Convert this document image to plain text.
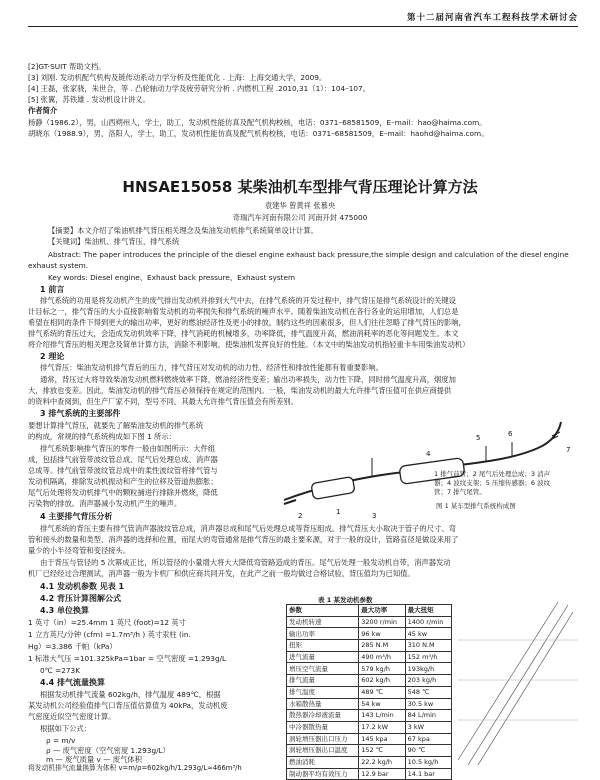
第十二届河南省汽车工程科技学术研讨会
[2]GT-SUIT 帮助文档。
[3] 刘刚. 发动机配气机构及链传动系动力学分析及性能优化 . 上海：上海交通大学，2009。
[4] 王磊，张家骁，朱世合，等 . 凸轮轴动力学及疲劳研究分析 . 内燃机工程 .2010,31（1）：104–107。
[5] 张翼，苏铁雄 . 发动机设计讲义。
作者简介
杨静（1986.2），男，山西朔州人，学士，助工，发动机性能仿真及配气机构校核，电话：0371–68581509，E–mail：hao@haima.com。
胡晓东（1988.9），男，洛阳人，学士，助工，发动机性能仿真及配气机构校核，电话：0371–68581509，E–mail：haohd@haima.com。
HNSAE15058 某柴油机车型排气背压理论计算方法
袁建华 曾黄祥 张慕央
奇瑞汽车河南有限公司 河南开封 475000
【摘要】本文介绍了柴油机排气背压相关理念及柴油发动机排气系统简单设计计算。
【关键词】柴油机、排气背压、排气系统
Abstract: The paper introduces the principle of the diesel engine exhaust back pressure,the simple design and calculation of the diesel engine
exhaust system.
Key words: Diesel engine、Exhaust back pressure、Exhaust system
1 前言
排气系统的功用是将发动机产生的废气排出发动机并排到大气中去，在排气系统的开发过程中，排气背压是排气系统设计的关键设
计目标之一，排气背压的大小直接影响着发动机的功率损失和排气系统的噪声水平。随着柴油发动机在各行各业的运用增加，人们总是
希望在相同的条件下得到更大的输出功率，更好的燃油经济性及更小的排放，制约这些的因素很多，但人们往往忽略了排气背压的影响，
排气系统的背压过大，会造成发动机效率下降，排气消耗的机械增多，功率降低，排气温度升高，燃油消耗率的恶化等问题发生。本文
将介绍排气背压的相关理念及简单计算方法，消除不利影响，使柴油机发挥良好的性能。（本文中的柴油发动机指轻重卡车用柴油发动机）
2 理论
排气背压：柴油发动机排气背后的压力，排气背压对发动机的动力性、经济性和排放性能都有着重要影响。
通常，背压过大将导致柴油发动机燃料燃烧效率下降，燃油经济性变差；输出功率损失，动力性下降，同时排气温度升高，烟度加
大，排放也变差。因此，柴油发动机的排气背压必须保持在规定的范围内。一般，柴油发动机的最大允许排气背压值可在供应商提供
的资料中查阅到，但生产厂家不同，型号不同，其最大允许排气背压值会有所差别。
3 排气系统的主要部件
要想计算排气背压，就要先了解柴油发动机的排气系统
的构成，常规的排气系统构成如下图 1 所示：
排气系统影响排气背压的零件一般由如图所示：大件组
成，包括排气前管带波纹管总成、尾气后处理总成、消声器
总成等。排气前管带波纹管总成中的柔性波纹管将排气管与
发动机隔离，排除发动机振动和产生的位移及管道热膨胀；
尾气后处理将发动机排气中的颗粒捕进行排除并燃烧，降低
污染物的排放。消声器减小发动机产生的噪声。
1
2	3
4
5	6
7
1 排气前管；2 尾气后处理总成；3 消声
器；4 波纹支架；5 压缩传感器；6 波纹
管；7 排气尾管。
图 1 某车型排气系统构成图
4 主要排气背压分析
排气系统的背压主要有排气管消声器波纹管总成，消声器总成和尾气后处理总成等背压组成。排气背压大小取决于管子的尺寸、弯
管和接头的数量和类型、消声器的选择和位置，而尾大的弯管通常是排气背压的最主要来源，对于一般的设计，管路直径是做设来用了
量少的小半径弯管和变径接头。
由于背压与管径的 5 次幂成正比，所以管径的小量增大将大大降低弯管路造成的背压。尾气后处理一般发动机自带，消声器发动
机厂已经经过合理测试，消声器一般为卡机厂和供应商共同开发，在此产之前一般均做过合格试验，背压值均为已知值。
4.1 发动机参数 见表 1
4.2 背压计算图解公式
4.3 单位换算
1 英寸（in）=25.4mm 1 英尺 (foot)=12 英寸
1 立方英尺/分钟 (cfm) =1.7m³/h ) 英寸汞柱 (in.
Hg）=3.386 千帕（kPa）
1 标准大气压 =101.325kPa=1bar = 空气密度 =1.293g/L
0℃ =273K
4.4 排气流量换算
根据发动机排气流量 602kg/h，排气温度 489℃，根据
某发动机公司经验值排气口背压值估算值为 40kPa，发动机废
气密度近似空气密度计算。
根据如下公式：
ρ = m/v
ρ — 废气密度（空气密度 1.293g/L）
m — 废气质量 v — 废气体积
将发动机排气流量换算为体积 v=m/ρ=602kg/h/1.293g/L≈466m³/h
表 1 某发动机参数
参数	最大功率	最大扭矩
发动机转速	3200 r/min	1400 r/min
输出功率	96 kw	45 kw
扭矩	285 N.M	310 N.M
进气流量	490 m³/h	152 m³/h
增压空气流量	579 kg/h	193kg/h
排气流量	602 kg/h	203 kg/h
排气温度	489 ℃	548 ℃
水箱散热量	54 kw	30.5 kw
散热器冷却液流量	143 L/min	84 L/min
中冷器散热量	17.2 kW	3 kW
涡轮增压器出口压力	145 kpa	67 kpa
涡轮增压器出口温度	152 ℃	90 ℃
燃油消耗	22.2 kg/h	10.5 kg/h
制动器平均有效压力	12.9 bar	14.1 bar
